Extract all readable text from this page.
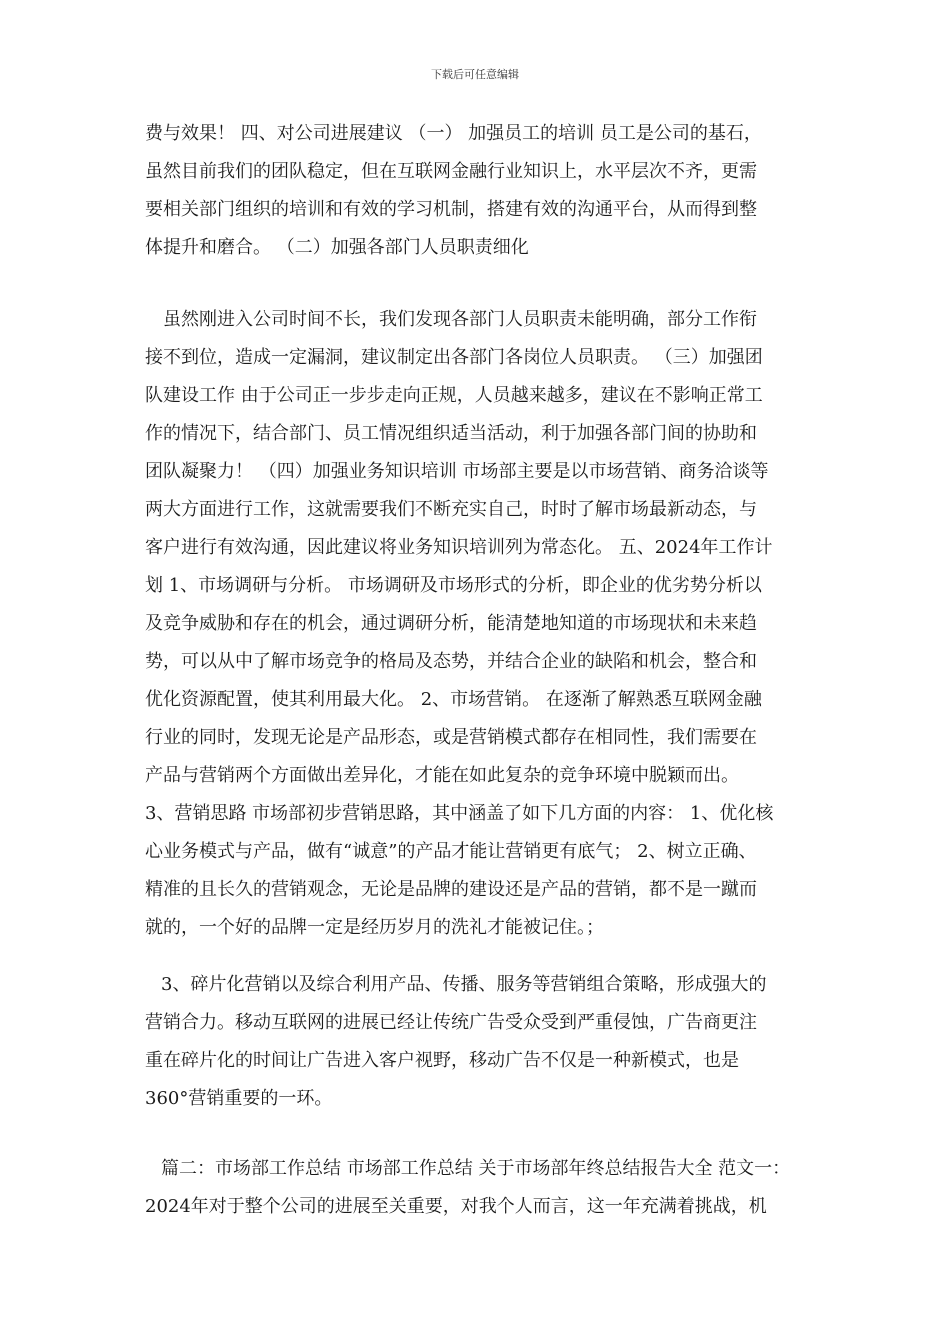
下载后可任意编辑
费与效果！ 四、对公司进展建议 （一） 加强员工的培训 员工是公司的基石，
虽然目前我们的团队稳定，但在互联网金融行业知识上，水平层次不齐，更需
要相关部门组织的培训和有效的学习机制，搭建有效的沟通平台，从而得到整
体提升和磨合。 （二）加强各部门人员职责细化
虽然刚进入公司时间不长，我们发现各部门人员职责未能明确，部分工作衔
接不到位，造成一定漏洞，建议制定出各部门各岗位人员职责。 （三）加强团
队建设工作 由于公司正一步步走向正规，人员越来越多，建议在不影响正常工
作的情况下，结合部门、员工情况组织适当活动，利于加强各部门间的协助和
团队凝聚力！ （四）加强业务知识培训 市场部主要是以市场营销、商务洽谈等
两大方面进行工作，这就需要我们不断充实自己，时时了解市场最新动态，与
客户进行有效沟通，因此建议将业务知识培训列为常态化。 五、2024年工作计
划 1、市场调研与分析。 市场调研及市场形式的分析，即企业的优劣势分析以
及竞争威胁和存在的机会，通过调研分析，能清楚地知道的市场现状和未来趋
势，可以从中了解市场竞争的格局及态势，并结合企业的缺陷和机会，整合和
优化资源配置，使其利用最大化。 2、市场营销。 在逐渐了解熟悉互联网金融
行业的同时，发现无论是产品形态，或是营销模式都存在相同性，我们需要在
产品与营销两个方面做出差异化，才能在如此复杂的竞争环境中脱颖而出。
3、营销思路 市场部初步营销思路，其中涵盖了如下几方面的内容： 1、优化核
心业务模式与产品，做有“诚意”的产品才能让营销更有底气； 2、树立正确、
精准的且长久的营销观念，无论是品牌的建设还是产品的营销，都不是一蹴而
就的，一个好的品牌一定是经历岁月的洗礼才能被记住。；
3、碎片化营销以及综合利用产品、传播、服务等营销组合策略，形成强大的
营销合力。移动互联网的进展已经让传统广告受众受到严重侵蚀，广告商更注
重在碎片化的时间让广告进入客户视野，移动广告不仅是一种新模式，也是
360°营销重要的一环。
篇二：市场部工作总结 市场部工作总结 关于市场部年终总结报告大全 范文一：
2024年对于整个公司的进展至关重要，对我个人而言，这一年充满着挑战，机
